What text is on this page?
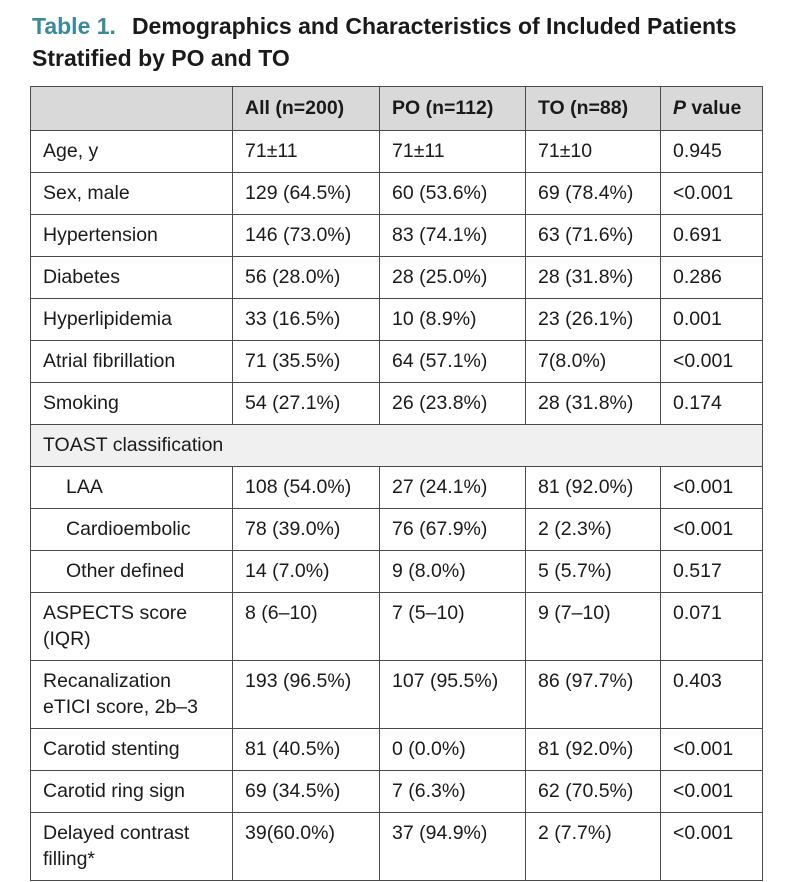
Table 1. Demographics and Characteristics of Included Patients Stratified by PO and TO
	All (n=200)	PO (n=112)	TO (n=88)	P value
Age, y	71±11	71±11	71±10	0.945
Sex, male	129 (64.5%)	60 (53.6%)	69 (78.4%)	<0.001
Hypertension	146 (73.0%)	83 (74.1%)	63 (71.6%)	0.691
Diabetes	56 (28.0%)	28 (25.0%)	28 (31.8%)	0.286
Hyperlipidemia	33 (16.5%)	10 (8.9%)	23 (26.1%)	0.001
Atrial fibrillation	71 (35.5%)	64 (57.1%)	7(8.0%)	<0.001
Smoking	54 (27.1%)	26 (23.8%)	28 (31.8%)	0.174
TOAST classification				
LAA	108 (54.0%)	27 (24.1%)	81 (92.0%)	<0.001
Cardioembolic	78 (39.0%)	76 (67.9%)	2 (2.3%)	<0.001
Other defined	14 (7.0%)	9 (8.0%)	5 (5.7%)	0.517
ASPECTS score (IQR)	8 (6–10)	7 (5–10)	9 (7–10)	0.071
Recanalization eTICI score, 2b–3	193 (96.5%)	107 (95.5%)	86 (97.7%)	0.403
Carotid stenting	81 (40.5%)	0 (0.0%)	81 (92.0%)	<0.001
Carotid ring sign	69 (34.5%)	7 (6.3%)	62 (70.5%)	<0.001
Delayed contrast filling*	39(60.0%)	37 (94.9%)	2 (7.7%)	<0.001
